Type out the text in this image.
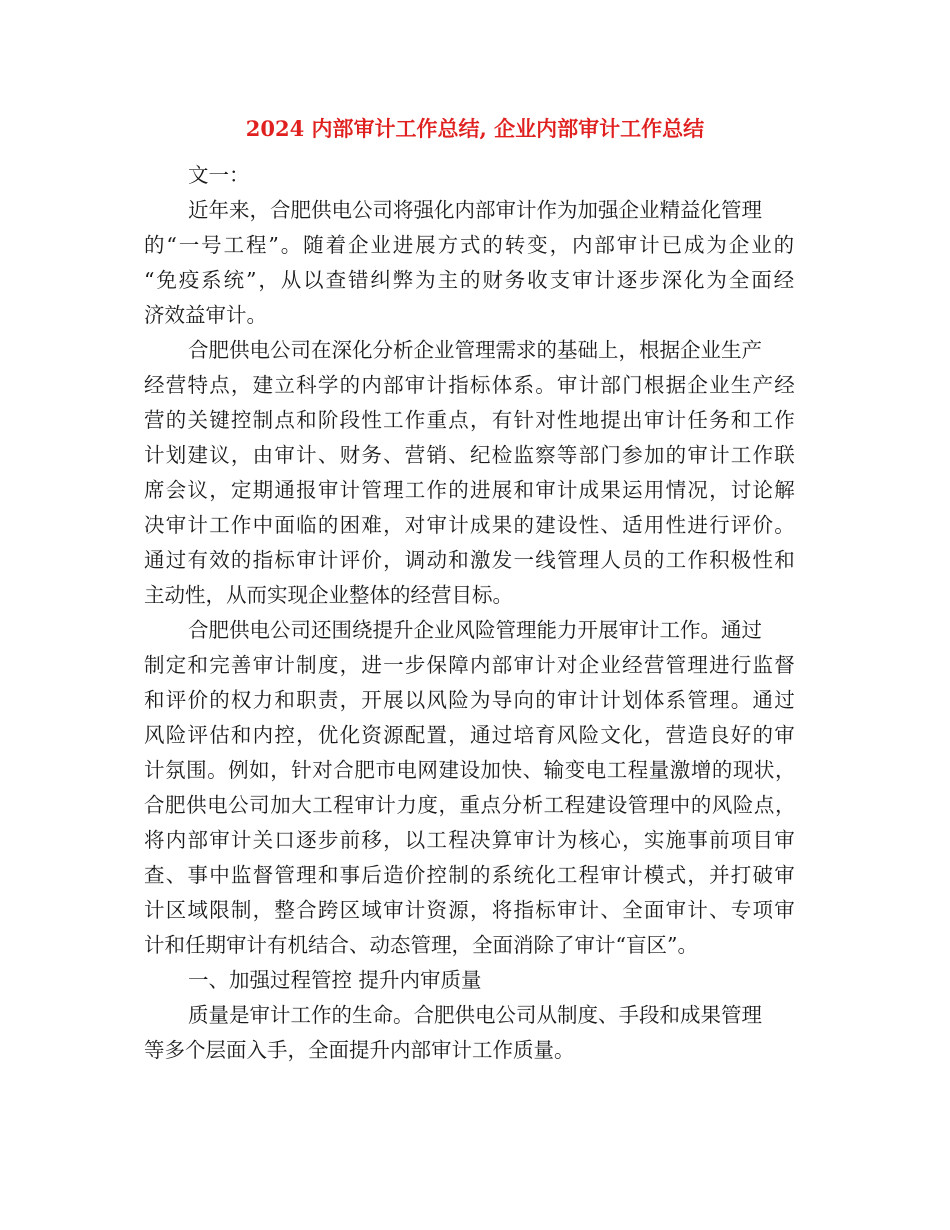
2024 内部审计工作总结, 企业内部审计工作总结
文一：
近年来，合肥供电公司将强化内部审计作为加强企业精益化管理
的“一号工程”。随着企业进展方式的转变，内部审计已成为企业的
“免疫系统”，从以查错纠弊为主的财务收支审计逐步深化为全面经
济效益审计。
合肥供电公司在深化分析企业管理需求的基础上，根据企业生产
经营特点，建立科学的内部审计指标体系。审计部门根据企业生产经
营的关键控制点和阶段性工作重点，有针对性地提出审计任务和工作
计划建议，由审计、财务、营销、纪检监察等部门参加的审计工作联
席会议，定期通报审计管理工作的进展和审计成果运用情况，讨论解
决审计工作中面临的困难，对审计成果的建设性、适用性进行评价。
通过有效的指标审计评价，调动和激发一线管理人员的工作积极性和
主动性，从而实现企业整体的经营目标。
合肥供电公司还围绕提升企业风险管理能力开展审计工作。通过
制定和完善审计制度，进一步保障内部审计对企业经营管理进行监督
和评价的权力和职责，开展以风险为导向的审计计划体系管理。通过
风险评估和内控，优化资源配置，通过培育风险文化，营造良好的审
计氛围。例如，针对合肥市电网建设加快、输变电工程量激增的现状，
合肥供电公司加大工程审计力度，重点分析工程建设管理中的风险点，
将内部审计关口逐步前移，以工程决算审计为核心，实施事前项目审
查、事中监督管理和事后造价控制的系统化工程审计模式，并打破审
计区域限制，整合跨区域审计资源，将指标审计、全面审计、专项审
计和任期审计有机结合、动态管理，全面消除了审计“盲区”。
一、加强过程管控 提升内审质量
质量是审计工作的生命。合肥供电公司从制度、手段和成果管理
等多个层面入手，全面提升内部审计工作质量。
